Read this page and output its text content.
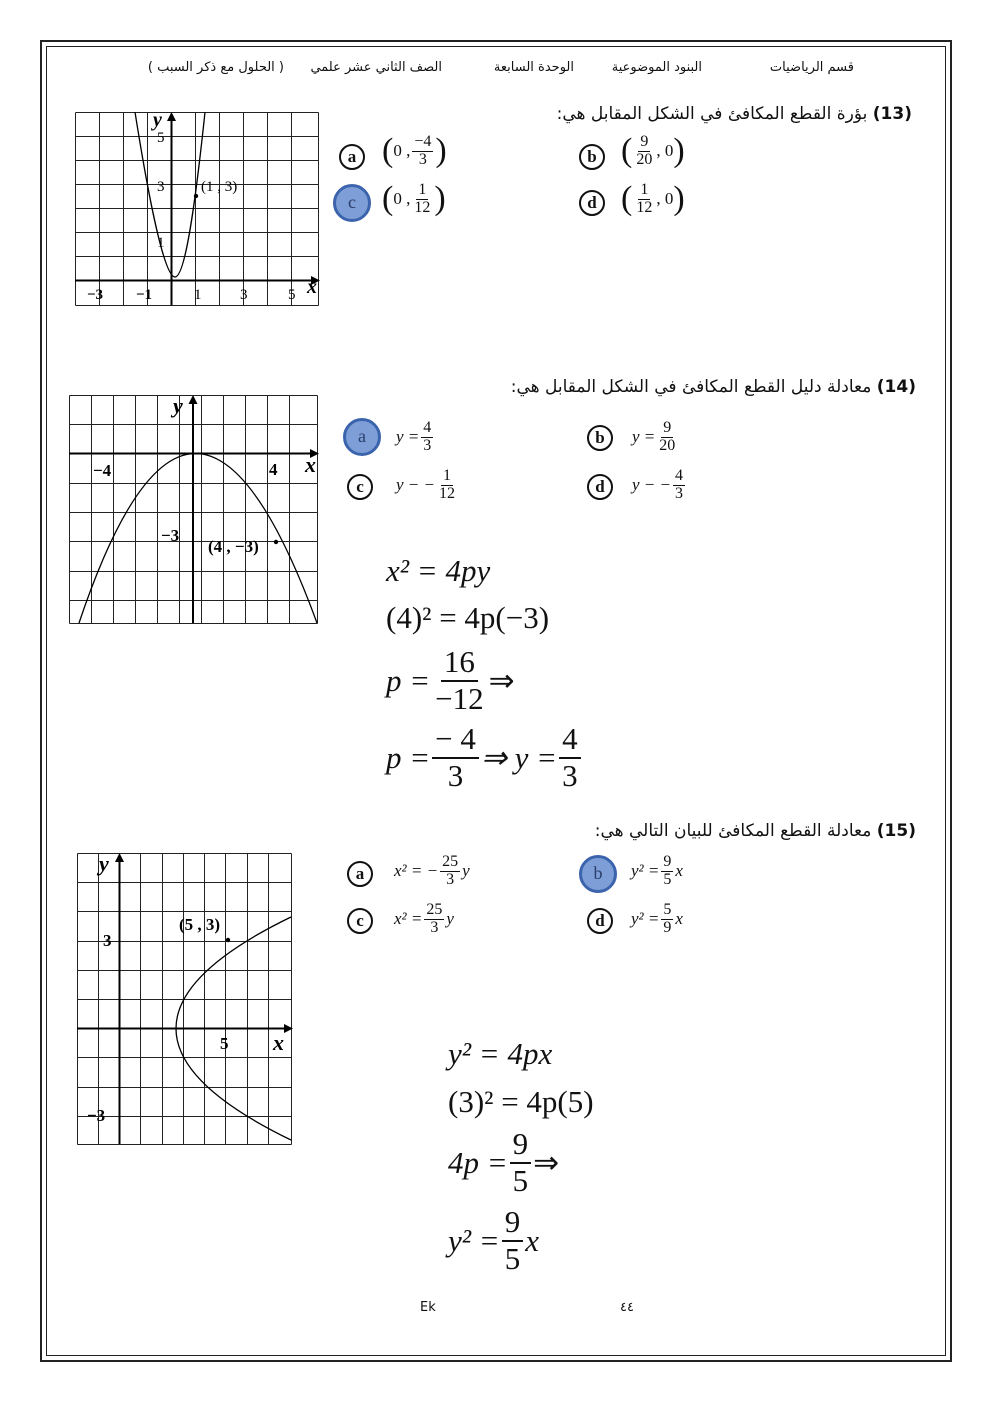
قسم الرياضيات
البنود الموضوعية
الوحدة السابعة
الصف الثاني عشر علمي
( الحلول مع ذكر السبب )
(13) بؤرة القطع المكافئ في الشكل المقابل هي:
y
5
3
1
(1 , 3)
−3 −1	1	3	5 x
a ( 0 , $\frac{-4}{3}$ )	b ( $\frac{9}{20}$ , 0 )
c ( 0 , $\frac{1}{12}$ )	d ( $\frac{1}{12}$ , 0 )
(14) معادلة دليل القطع المكافئ في الشكل المقابل هي:
y
−4	4 x
−3
(4 , −3)
a	$y = \frac{4}{3}$	b	$y = \frac{9}{20}$
c	y − − $\frac{1}{12}$	d	y − − $\frac{4}{3}$
x² = 4py
(4)² = 4p(−3)
$p = \frac{16}{-12}$ ⇒
$p = \frac{- 4}{3}$ ⇒ $y = \frac{4}{3}$
(15) معادلة القطع المكافئ للبيان التالي هي:
y
(5 , 3)
3
5 x
−3
a	x² = − $\frac{25}{3}$ y	b	$y^2 = \frac{9}{5}$ x
c	$x^2 = \frac{25}{3}$ y	d	$y^2 = \frac{5}{9}$ x
y² = 4px
(3)² = 4p(5)
$4p = \frac{9}{5}$ ⇒
$y^2 = \frac{9}{5}$ x
Ek	٤٤
